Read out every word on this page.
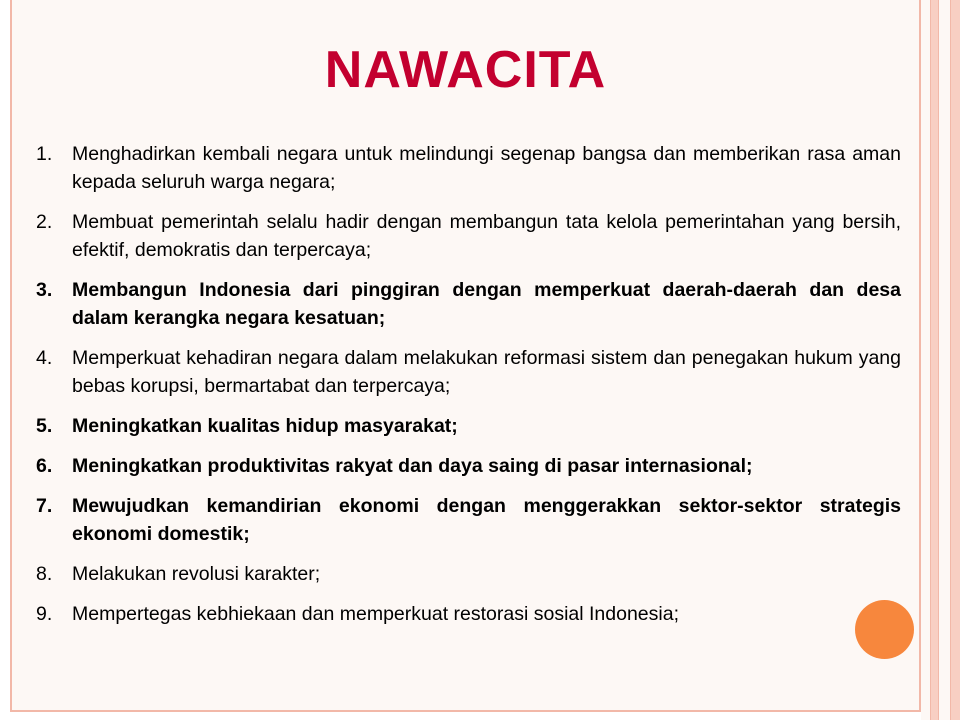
NAWACITA
1.	Menghadirkan kembali negara untuk melindungi segenap bangsa dan memberikan rasa aman kepada seluruh warga negara;
2.	Membuat pemerintah selalu hadir dengan membangun tata kelola pemerintahan yang bersih, efektif, demokratis dan terpercaya;
3.	Membangun Indonesia dari pinggiran dengan memperkuat daerah-daerah dan desa dalam kerangka negara kesatuan;
4.	Memperkuat kehadiran negara dalam melakukan reformasi sistem dan penegakan hukum yang bebas korupsi, bermartabat dan terpercaya;
5.	Meningkatkan kualitas hidup masyarakat;
6.	Meningkatkan produktivitas rakyat dan daya saing di pasar internasional;
7.	Mewujudkan kemandirian ekonomi dengan menggerakkan sektor-sektor strategis ekonomi domestik;
8.	Melakukan revolusi karakter;
9.	Mempertegas kebhiekaan dan memperkuat restorasi sosial Indonesia;
